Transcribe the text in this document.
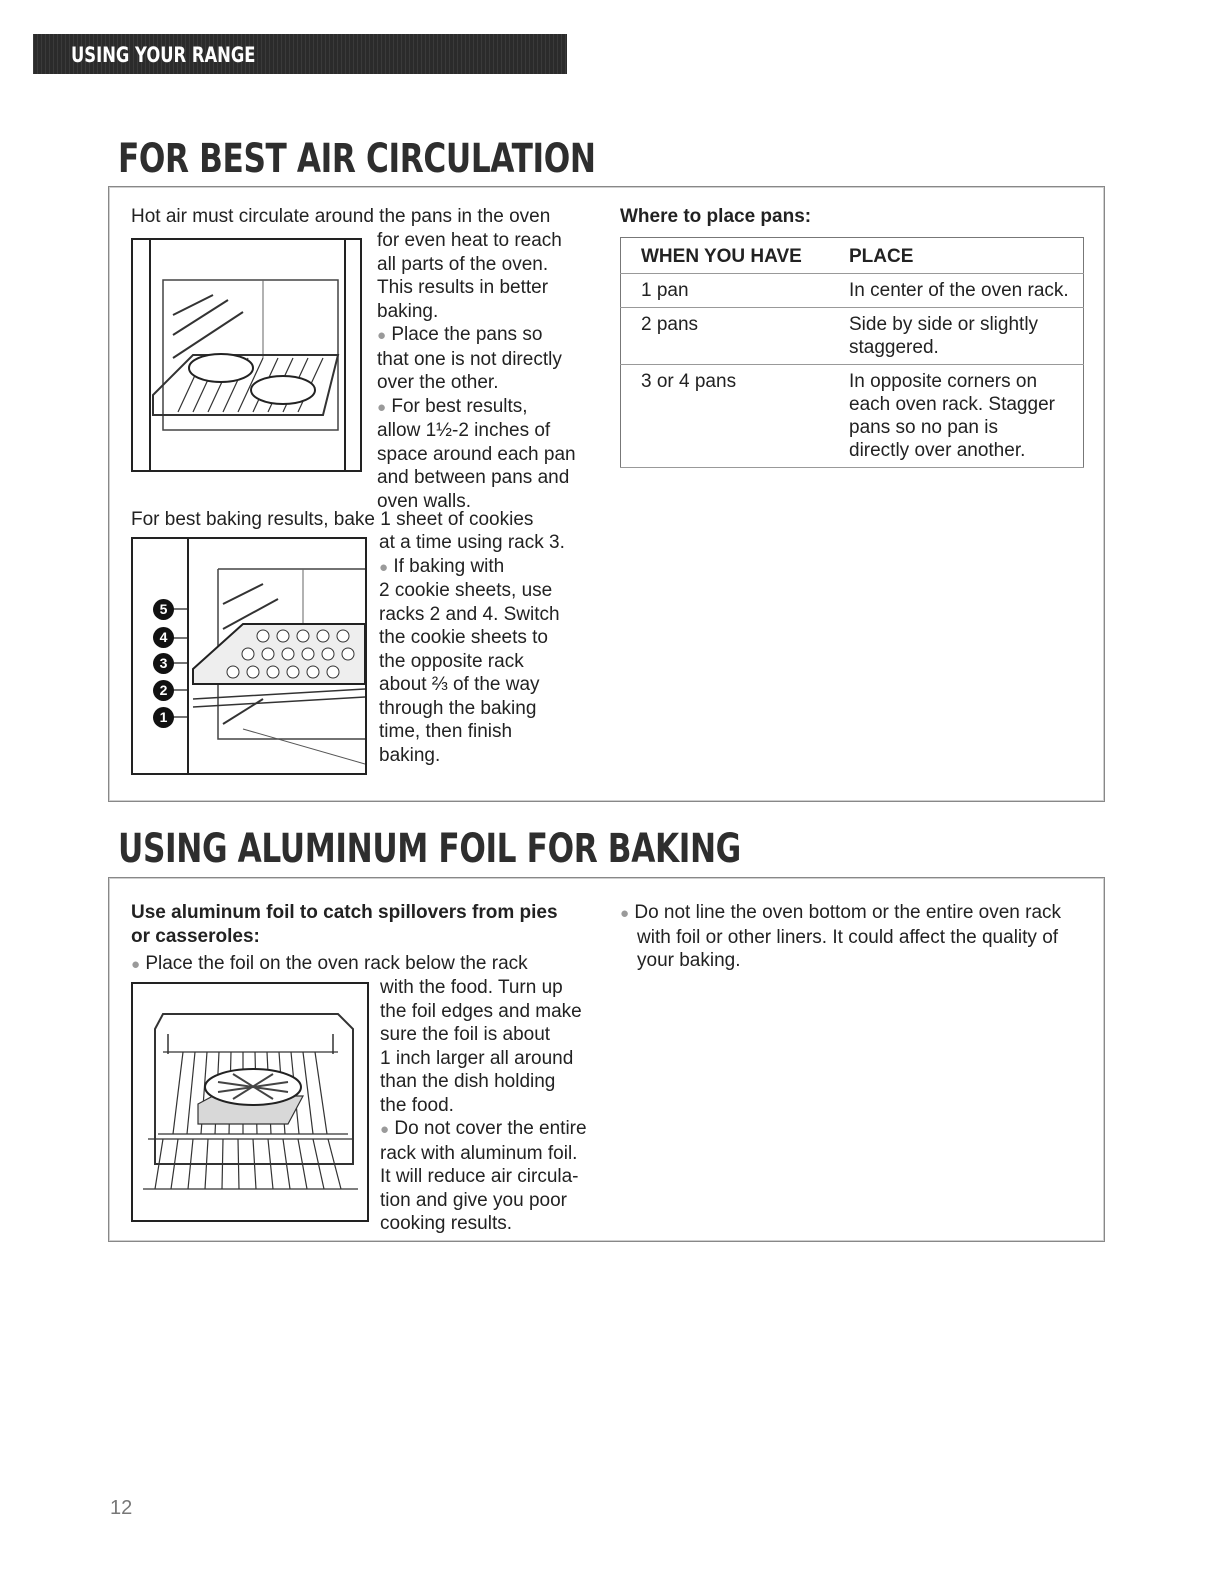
USING YOUR RANGE
FOR BEST AIR CIRCULATION
Hot air must circulate around the pans in the oven
for even heat to reach
all parts of the oven.
This results in better
baking.
● Place the pans so
that one is not directly
over the other.
● For best results,
allow 1½-2 inches of
space around each pan
and between pans and
oven walls.
For best baking results, bake 1 sheet of cookies
5
4
3
2
1
at a time using rack 3.
● If baking with
2 cookie sheets, use
racks 2 and 4. Switch
the cookie sheets to
the opposite rack
about ⅔ of the way
through the baking
time, then finish
baking.
Where to place pans:
WHEN YOU HAVE	PLACE
1 pan	In center of the oven rack.
2 pans	Side by side or slightly staggered.
3 or 4 pans	In opposite corners on each oven rack. Stagger pans so no pan is directly over another.
USING ALUMINUM FOIL FOR BAKING
Use aluminum foil to catch spillovers from pies
or casseroles:
● Place the foil on the oven rack below the rack
with the food. Turn up
the foil edges and make
sure the foil is about
1 inch larger all around
than the dish holding
the food.
● Do not cover the entire
rack with aluminum foil.
It will reduce air circula-
tion and give you poor
cooking results.
● Do not line the oven bottom or the entire oven rack
with foil or other liners. It could affect the quality of
your baking.
12
